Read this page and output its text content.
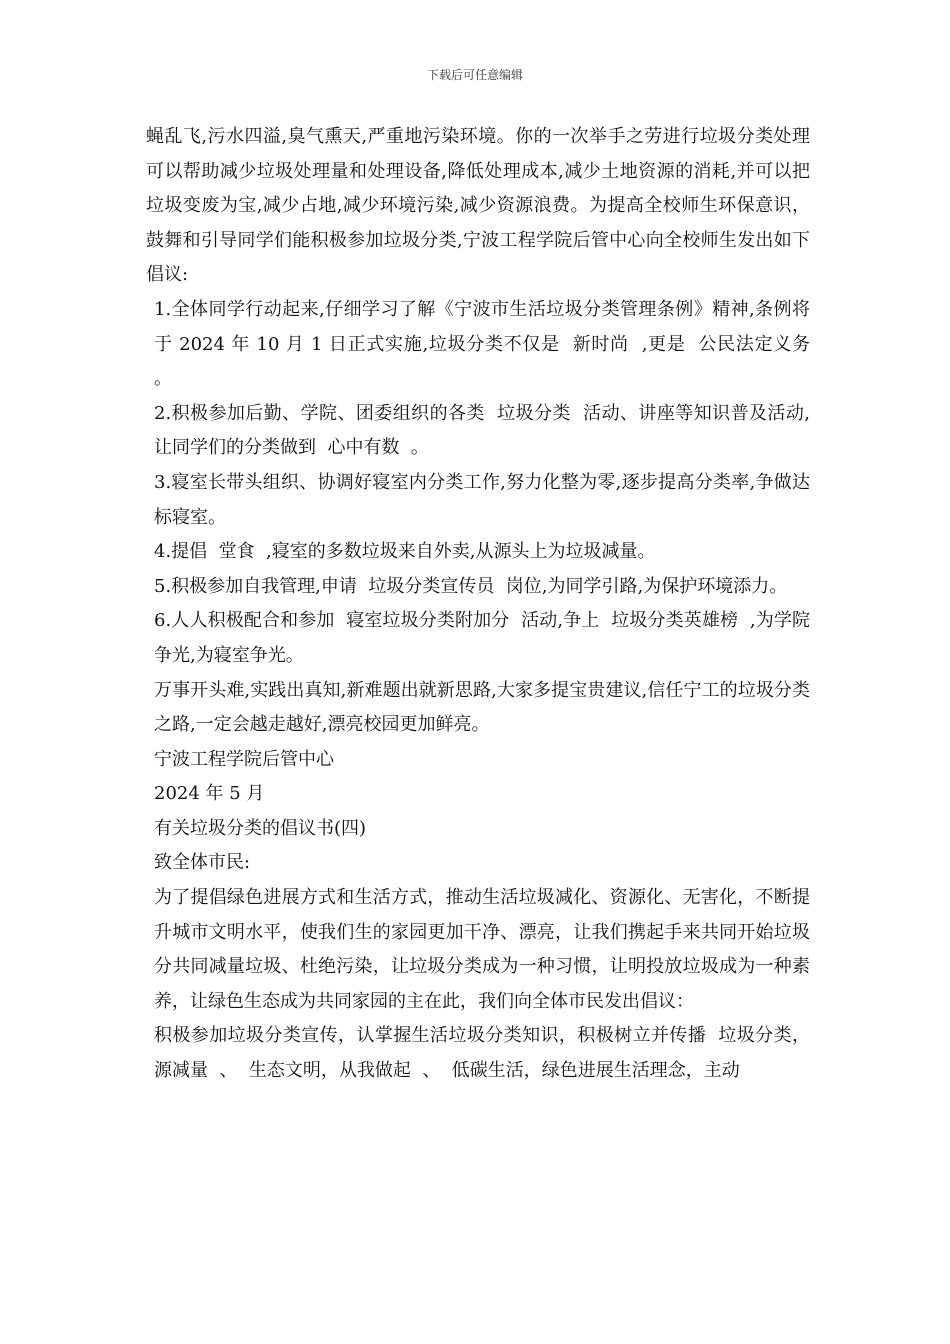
下载后可任意编辑

蝇乱飞,污水四溢,臭气熏天,严重地污染环境。你的一次举手之劳进行垃圾分类处理可以帮助减少垃圾处理量和处理设备,降低处理成本,减少土地资源的消耗,并可以把垃圾变废为宝,减少占地,减少环境污染,减少资源浪费。为提高全校师生环保意识，鼓舞和引导同学们能积极参加垃圾分类,宁波工程学院后管中心向全校师生发出如下倡议:

1.全体同学行动起来,仔细学习了解《宁波市生活垃圾分类管理条例》精神,条例将于 2024 年 10 月 1 日正式实施,垃圾分类不仅是  新时尚  ,更是  公民法定义务  。

2.积极参加后勤、学院、团委组织的各类  垃圾分类  活动、讲座等知识普及活动,让同学们的分类做到  心中有数  。

3.寝室长带头组织、协调好寝室内分类工作,努力化整为零,逐步提高分类率,争做达标寝室。

4.提倡  堂食  ,寝室的多数垃圾来自外卖,从源头上为垃圾减量。

5.积极参加自我管理,申请  垃圾分类宣传员  岗位,为同学引路,为保护环境添力。

6.人人积极配合和参加  寝室垃圾分类附加分  活动,争上  垃圾分类英雄榜  ,为学院争光,为寝室争光。

万事开头难,实践出真知,新难题出就新思路,大家多提宝贵建议,信任宁工的垃圾分类之路,一定会越走越好,漂亮校园更加鲜亮。

宁波工程学院后管中心

2024 年 5 月

有关垃圾分类的倡议书(四)

致全体市民:

为了提倡绿色进展方式和生活方式，推动生活垃圾减化、资源化、无害化，不断提升城市文明水平，使我们生的家园更加干净、漂亮，让我们携起手来共同开始垃圾分共同减量垃圾、杜绝污染，让垃圾分类成为一种习惯，让明投放垃圾成为一种素养，让绿色生态成为共同家园的主在此，我们向全体市民发出倡议：

积极参加垃圾分类宣传，认掌握生活垃圾分类知识，积极树立并传播  垃圾分类，源减量  、  生态文明，从我做起  、  低碳生活，绿色进展生活理念，主动
